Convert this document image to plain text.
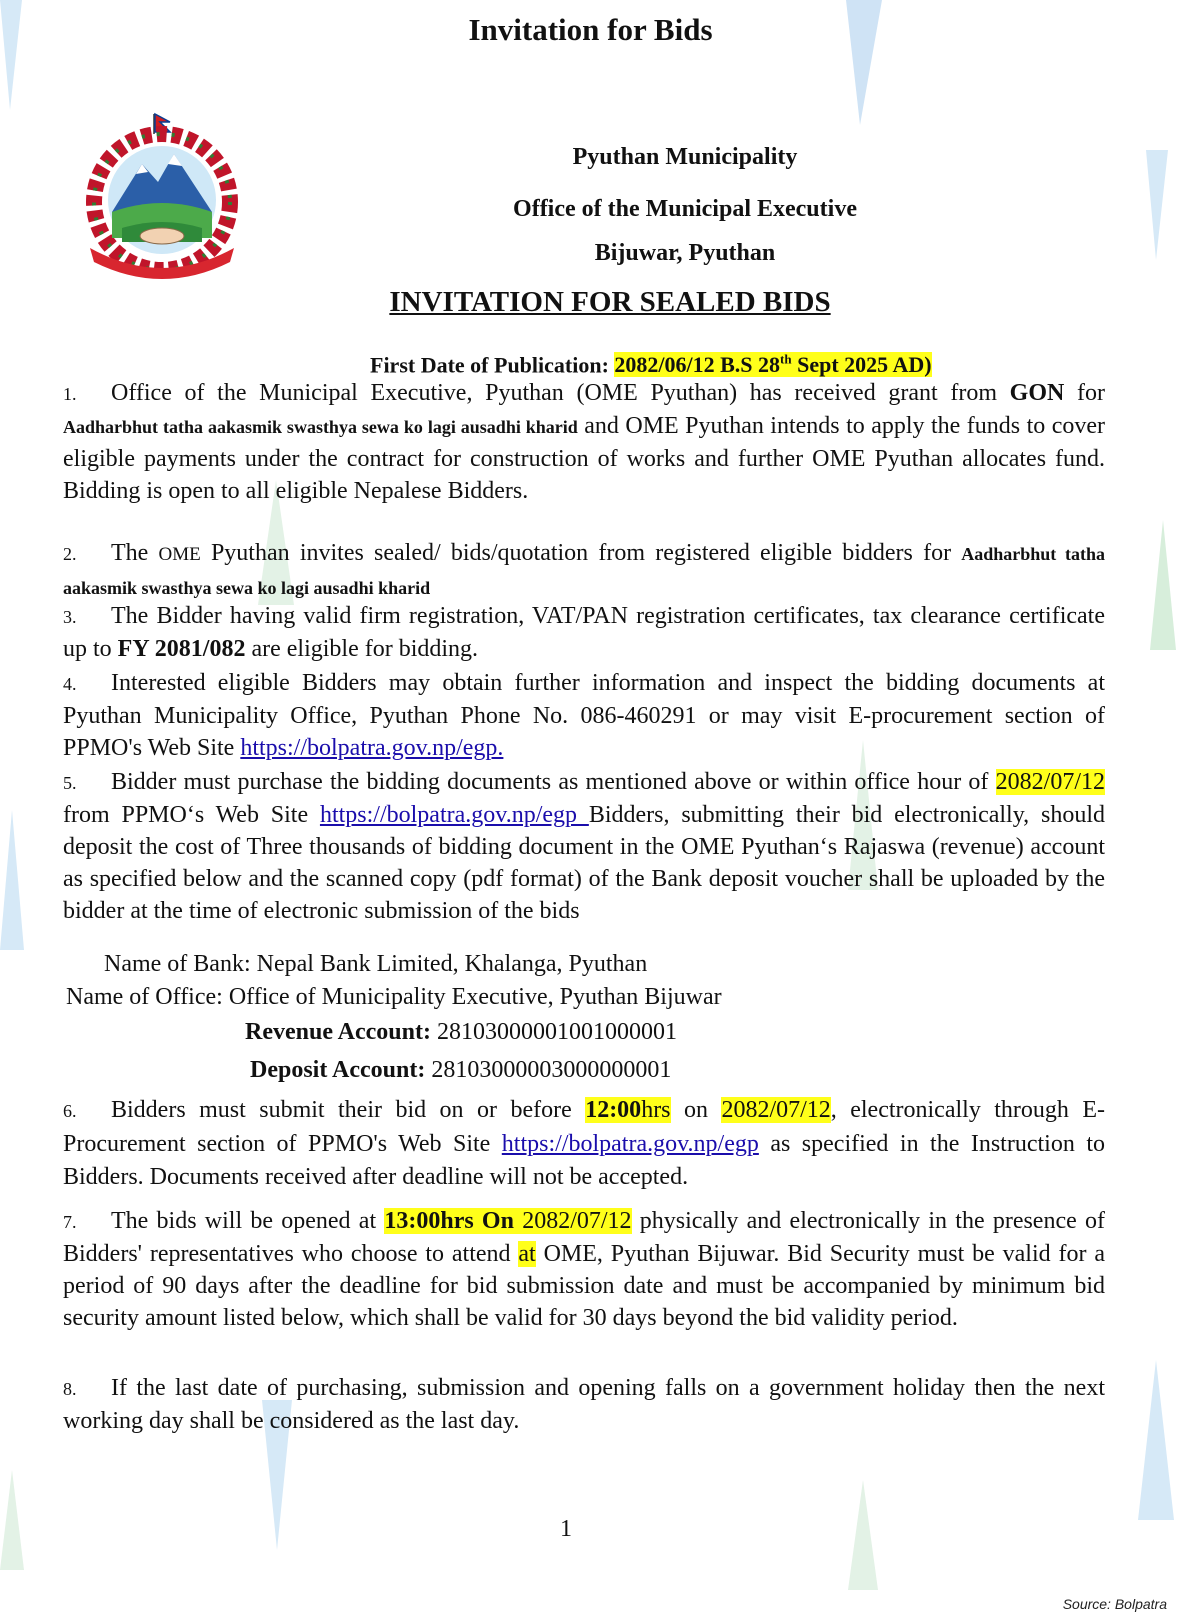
Invitation for Bids
Pyuthan Municipality
Office of the Municipal Executive
Bijuwar, Pyuthan
INVITATION FOR SEALED BIDS
First Date of Publication: 2082/06/12 B.S 28th Sept 2025 AD)
1. Office of the Municipal Executive, Pyuthan (OME Pyuthan) has received grant from GON for Aadharbhut tatha aakasmik swasthya sewa ko lagi ausadhi kharid and OME Pyuthan intends to apply the funds to cover eligible payments under the contract for construction of works and further OME Pyuthan allocates fund. Bidding is open to all eligible Nepalese Bidders.
2. The OME Pyuthan invites sealed/ bids/quotation from registered eligible bidders for Aadharbhut tatha aakasmik swasthya sewa ko lagi ausadhi kharid
3. The Bidder having valid firm registration, VAT/PAN registration certificates, tax clearance certificate up to FY 2081/082 are eligible for bidding.
4. Interested eligible Bidders may obtain further information and inspect the bidding documents at Pyuthan Municipality Office, Pyuthan Phone No. 086-460291 or may visit E-procurement section of PPMO's Web Site https://bolpatra.gov.np/egp.
5. Bidder must purchase the bidding documents as mentioned above or within office hour of 2082/07/12 from PPMO‘s Web Site https://bolpatra.gov.np/egp Bidders, submitting their bid electronically, should deposit the cost of Three thousands of bidding document in the OME Pyuthan‘s Rajaswa (revenue) account as specified below and the scanned copy (pdf format) of the Bank deposit voucher shall be uploaded by the bidder at the time of electronic submission of the bids
Name of Bank: Nepal Bank Limited, Khalanga, Pyuthan
Name of Office: Office of Municipality Executive, Pyuthan Bijuwar
Revenue Account: 28103000001001000001
Deposit Account: 28103000003000000001
6. Bidders must submit their bid on or before 12:00hrs on 2082/07/12, electronically through E-Procurement section of PPMO's Web Site https://bolpatra.gov.np/egp as specified in the Instruction to Bidders. Documents received after deadline will not be accepted.
7. The bids will be opened at 13:00hrs On 2082/07/12 physically and electronically in the presence of Bidders' representatives who choose to attend at OME, Pyuthan Bijuwar. Bid Security must be valid for a period of 90 days after the deadline for bid submission date and must be accompanied by minimum bid security amount listed below, which shall be valid for 30 days beyond the bid validity period.
8. If the last date of purchasing, submission and opening falls on a government holiday then the next working day shall be considered as the last day.
1
Source: Bolpatra
